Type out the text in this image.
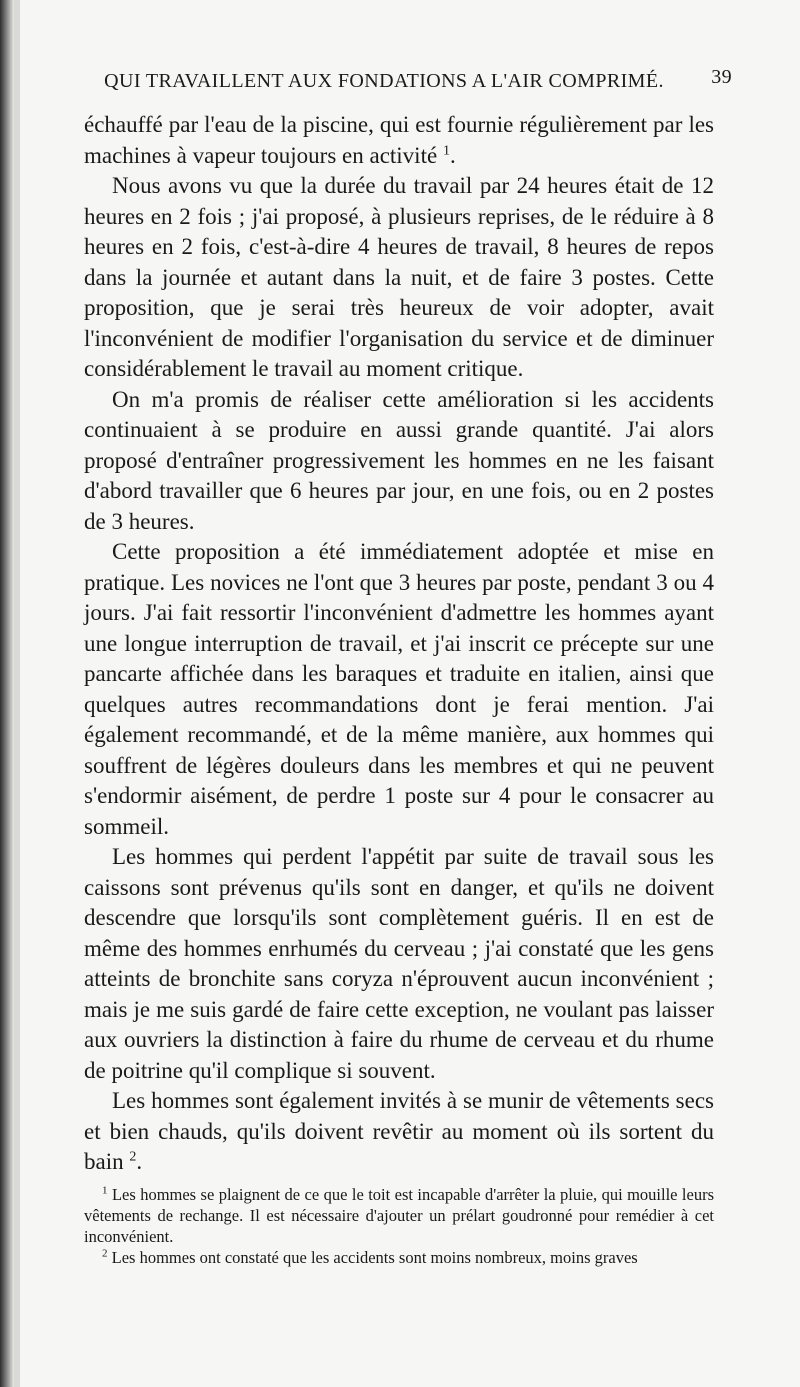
QUI TRAVAILLENT AUX FONDATIONS A L'AIR COMPRIMÉ.	39

échauffé par l'eau de la piscine, qui est fournie régulièrement par les machines à vapeur toujours en activité $^1$.

Nous avons vu que la durée du travail par 24 heures était de 12 heures en 2 fois ; j'ai proposé, à plusieurs reprises, de le réduire à 8 heures en 2 fois, c'est-à-dire 4 heures de travail, 8 heures de repos dans la journée et autant dans la nuit, et de faire 3 postes. Cette proposition, que je serai très heureux de voir adopter, avait l'inconvénient de modifier l'organisation du service et de diminuer considérablement le travail au moment critique.

On m'a promis de réaliser cette amélioration si les accidents continuaient à se produire en aussi grande quantité. J'ai alors proposé d'entraîner progressivement les hommes en ne les faisant d'abord travailler que 6 heures par jour, en une fois, ou en 2 postes de 3 heures.

Cette proposition a été immédiatement adoptée et mise en pratique. Les novices ne l'ont que 3 heures par poste, pendant 3 ou 4 jours. J'ai fait ressortir l'inconvénient d'admettre les hommes ayant une longue interruption de travail, et j'ai inscrit ce précepte sur une pancarte affichée dans les baraques et traduite en italien, ainsi que quelques autres recommandations dont je ferai mention. J'ai également recommandé, et de la même manière, aux hommes qui souffrent de légères douleurs dans les membres et qui ne peuvent s'endormir aisément, de perdre 1 poste sur 4 pour le consacrer au sommeil.

Les hommes qui perdent l'appétit par suite de travail sous les caissons sont prévenus qu'ils sont en danger, et qu'ils ne doivent descendre que lorsqu'ils sont complètement guéris. Il en est de même des hommes enrhumés du cerveau ; j'ai constaté que les gens atteints de bronchite sans coryza n'éprouvent aucun inconvénient ; mais je me suis gardé de faire cette exception, ne voulant pas laisser aux ouvriers la distinction à faire du rhume de cerveau et du rhume de poitrine qu'il complique si souvent.

Les hommes sont également invités à se munir de vêtements secs et bien chauds, qu'ils doivent revêtir au moment où ils sortent du bain $^2$.

$^1$ Les hommes se plaignent de ce que le toit est incapable d'arrêter la pluie, qui mouille leurs vêtements de rechange. Il est nécessaire d'ajouter un prélart goudronné pour remédier à cet inconvénient.

$^2$ Les hommes ont constaté que les accidents sont moins nombreux, moins graves
